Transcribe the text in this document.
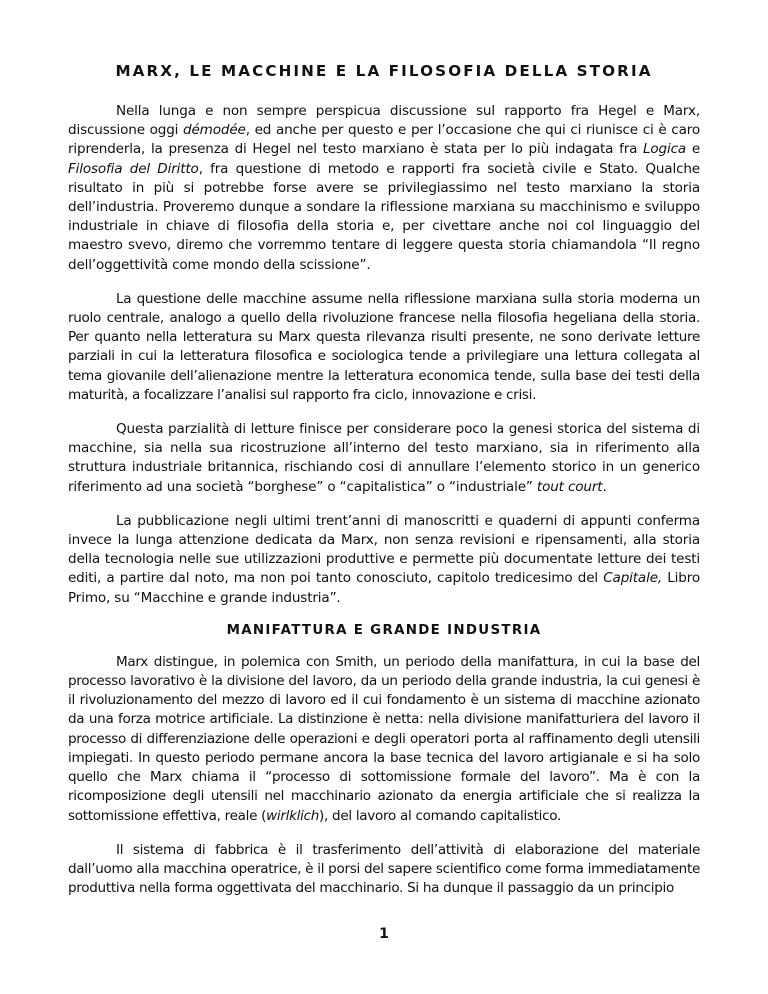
MARX, LE MACCHINE E LA FILOSOFIA DELLA STORIA

Nella lunga e non sempre perspicua discussione sul rapporto fra Hegel e Marx, discussione oggi démodée, ed anche per questo e per l’occasione che qui ci riunisce ci è caro riprenderla, la presenza di Hegel nel testo marxiano è stata per lo più indagata fra Logica e Filosofia del Diritto, fra questione di metodo e rapporti fra società civile e Stato. Qualche risultato in più si potrebbe forse avere se privilegiassimo nel testo marxiano la storia dell’industria. Proveremo dunque a sondare la riflessione marxiana su macchinismo e sviluppo industriale in chiave di filosofia della storia e, per civettare anche noi col linguaggio del maestro svevo, diremo che vorremmo tentare di leggere questa storia chiamandola “Il regno dell’oggettività come mondo della scissione”.

La questione delle macchine assume nella riflessione marxiana sulla storia moderna un ruolo centrale, analogo a quello della rivoluzione francese nella filosofia hegeliana della storia. Per quanto nella letteratura su Marx questa rilevanza risulti presente, ne sono derivate letture parziali in cui la letteratura filosofica e sociologica tende a privilegiare una lettura collegata al tema giovanile dell’alienazione mentre la letteratura economica tende, sulla base dei testi della maturità, a focalizzare l’analisi sul rapporto fra ciclo, innovazione e crisi.

Questa parzialità di letture finisce per considerare poco la genesi storica del sistema di macchine, sia nella sua ricostruzione all’interno del testo marxiano, sia in riferimento alla struttura industriale britannica, rischiando cosi di annullare l’elemento storico in un generico riferimento ad una società “borghese” o “capitalistica” o “industriale” tout court.

La pubblicazione negli ultimi trent’anni di manoscritti e quaderni di appunti conferma invece la lunga attenzione dedicata da Marx, non senza revisioni e ripensamenti, alla storia della tecnologia nelle sue utilizzazioni produttive e permette più documentate letture dei testi editi, a partire dal noto, ma non poi tanto conosciuto, capitolo tredicesimo del Capitale, Libro Primo, su “Macchine e grande industria”.

MANIFATTURA E GRANDE INDUSTRIA

Marx distingue, in polemica con Smith, un periodo della manifattura, in cui la base del processo lavorativo è la divisione del lavoro, da un periodo della grande industria, la cui genesi è il rivoluzionamento del mezzo di lavoro ed il cui fondamento è un sistema di macchine azionato da una forza motrice artificiale. La distinzione è netta: nella divisione manifatturiera del lavoro il processo di differenziazione delle operazioni e degli operatori porta al raffinamento degli utensili impiegati. In questo periodo permane ancora la base tecnica del lavoro artigianale e si ha solo quello che Marx chiama il “processo di sottomissione formale del lavoro”. Ma è con la ricomposizione degli utensili nel macchinario azionato da energia artificiale che si realizza la sottomissione effettiva, reale (wirlklich), del lavoro al comando capitalistico.

Il sistema di fabbrica è il trasferimento dell’attività di elaborazione del materiale dall’uomo alla macchina operatrice, è il porsi del sapere scientifico come forma immediatamente produttiva nella forma oggettivata del macchinario. Si ha dunque il passaggio da un principio

1
